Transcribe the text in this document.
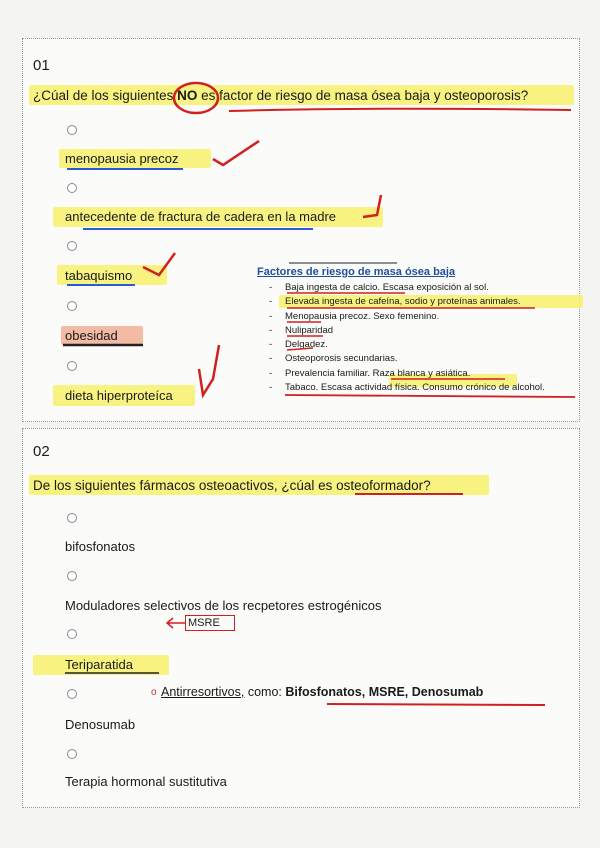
01
¿Cúal de los siguientes NO es factor de riesgo de masa ósea baja y osteoporosis?
menopausia precoz
antecedente de fractura de cadera en la madre
tabaquismo
obesidad
dieta hiperproteíca
Factores de riesgo de masa ósea baja
- Baja ingesta de calcio. Escasa exposición al sol.
- Elevada ingesta de cafeína, sodio y proteínas animales.
- Menopausia precoz. Sexo femenino.
- Nuliparidad
- Delgadez.
- Osteoporosis secundarias.
- Prevalencia familiar. Raza blanca y asiática.
- Tabaco. Escasa actividad física. Consumo crónico de alcohol.
02
De los siguientes fármacos osteoactivos, ¿cúal es osteoformador?
bifosfonatos
Moduladores selectivos de los recpetores estrogénicos
MSRE
Teriparatida
o Antirresortivos, como: Bifosfonatos, MSRE, Denosumab
Denosumab
Terapia hormonal sustitutiva
